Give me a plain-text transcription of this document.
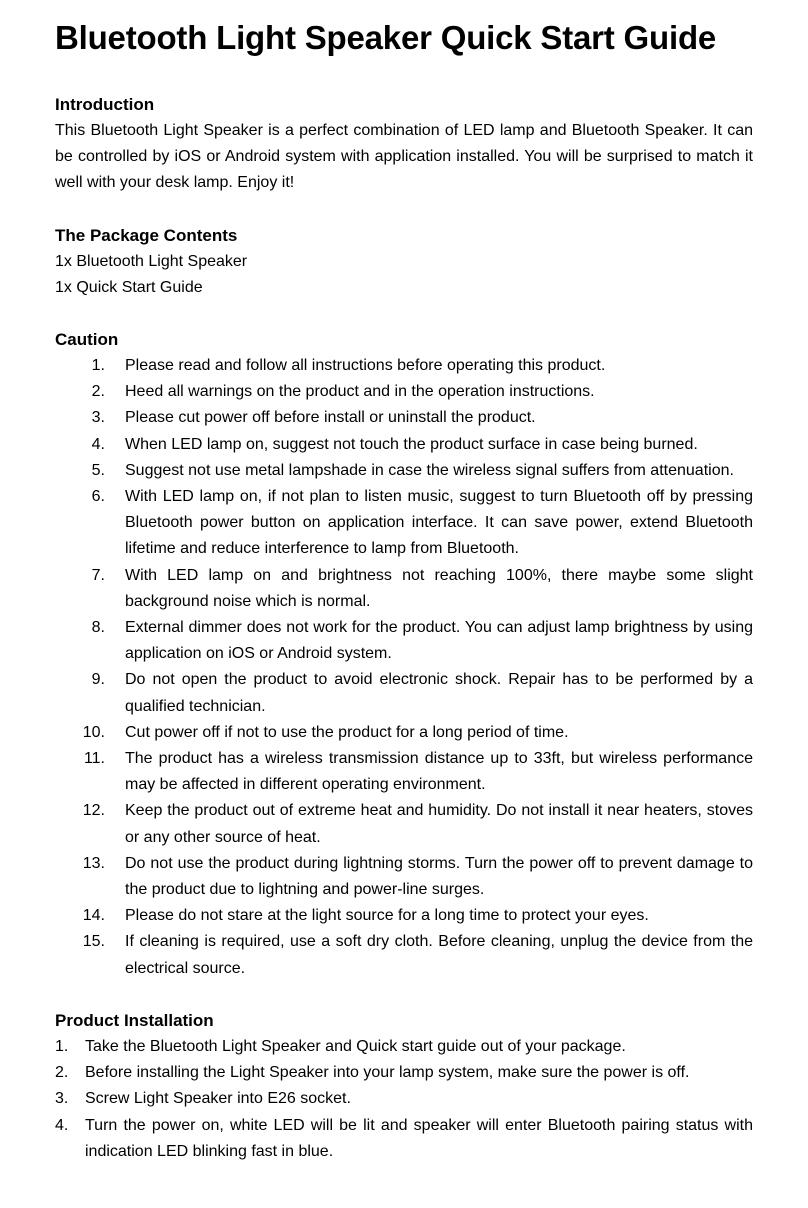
Bluetooth Light Speaker Quick Start Guide
Introduction

This Bluetooth Light Speaker is a perfect combination of LED lamp and Bluetooth Speaker. It can be controlled by iOS or Android system with application installed. You will be surprised to match it well with your desk lamp. Enjoy it!

The Package Contents

1x Bluetooth Light Speaker

1x Quick Start Guide

Caution
1. Please read and follow all instructions before operating this product.
2. Heed all warnings on the product and in the operation instructions.
3. Please cut power off before install or uninstall the product.
4. When LED lamp on, suggest not touch the product surface in case being burned.
5. Suggest not use metal lampshade in case the wireless signal suffers from attenuation.
6. With LED lamp on, if not plan to listen music, suggest to turn Bluetooth off by pressing Bluetooth power button on application interface. It can save power, extend Bluetooth lifetime and reduce interference to lamp from Bluetooth.
7. With LED lamp on and brightness not reaching 100%, there maybe some slight background noise which is normal.
8. External dimmer does not work for the product. You can adjust lamp brightness by using application on iOS or Android system.
9. Do not open the product to avoid electronic shock. Repair has to be performed by a qualified technician.
10. Cut power off if not to use the product for a long period of time.
11. The product has a wireless transmission distance up to 33ft, but wireless performance may be affected in different operating environment.
12. Keep the product out of extreme heat and humidity. Do not install it near heaters, stoves or any other source of heat.
13. Do not use the product during lightning storms. Turn the power off to prevent damage to the product due to lightning and power-line surges.
14. Please do not stare at the light source for a long time to protect your eyes.
15. If cleaning is required, use a soft dry cloth. Before cleaning, unplug the device from the electrical source.
Product Installation
1. Take the Bluetooth Light Speaker and Quick start guide out of your package.
2. Before installing the Light Speaker into your lamp system, make sure the power is off.
3. Screw Light Speaker into E26 socket.
4. Turn the power on, white LED will be lit and speaker will enter Bluetooth pairing status with indication LED blinking fast in blue.
